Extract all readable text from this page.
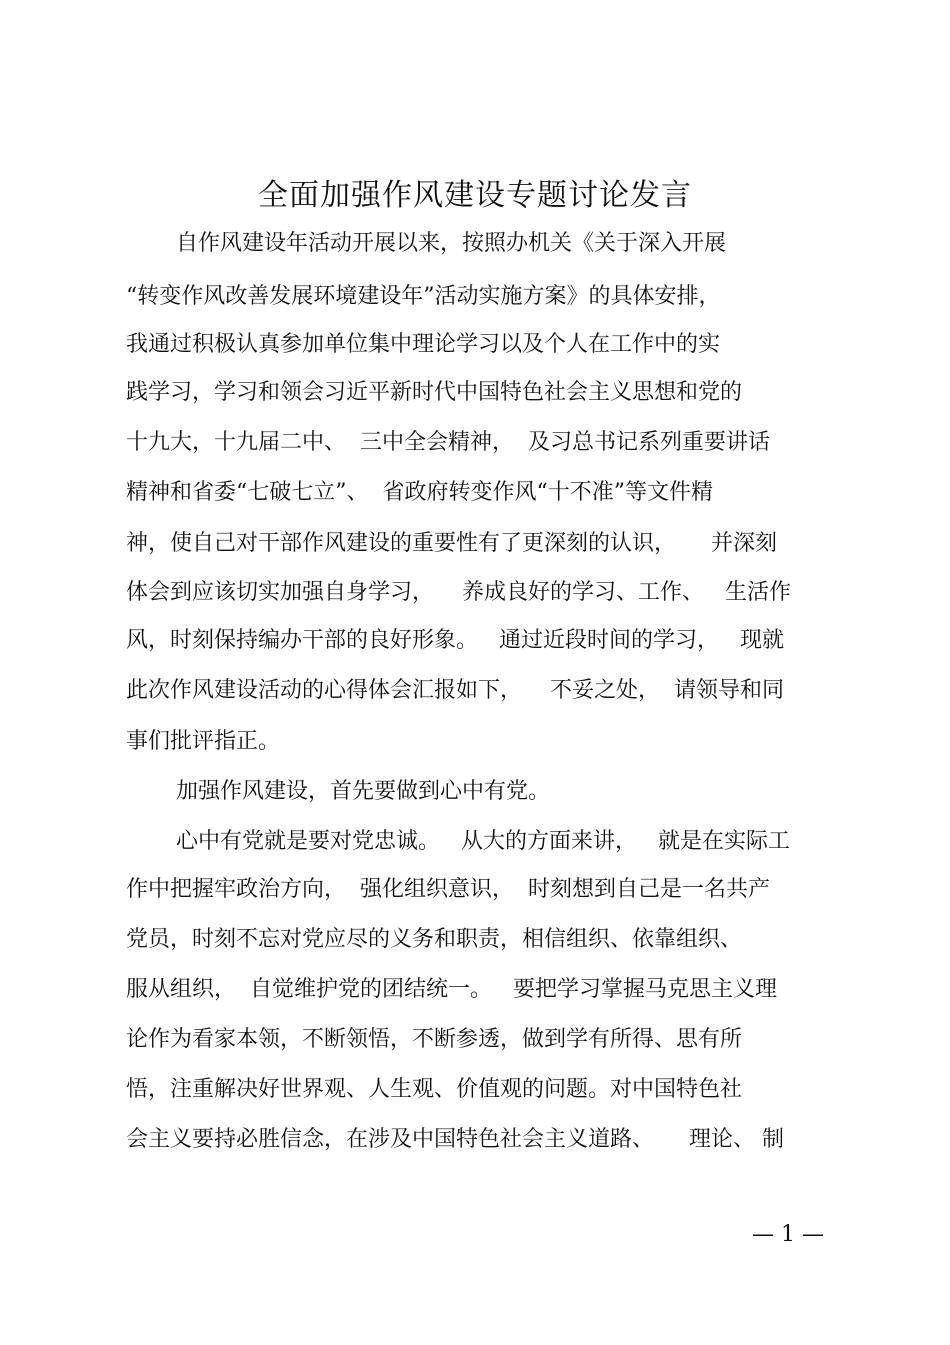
全面加强作风建设专题讨论发言
自作风建设年活动开展以来，按照办机关《关于深入开展
“转变作风改善发展环境建设年”活动实施方案》的具体安排，
我通过积极认真参加单位集中理论学习以及个人在工作中的实
践学习，学习和领会习近平新时代中国特色社会主义思想和党的
十九大，十九届二中、  三中全会精神，  及习总书记系列重要讲话
精神和省委“七破七立”、  省政府转变作风“十不准”等文件精
神，使自己对干部作风建设的重要性有了更深刻的认识，     并深刻
体会到应该切实加强自身学习，    养成良好的学习、工作、   生活作
风，时刻保持编办干部的良好形象。   通过近段时间的学习，   现就
此次作风建设活动的心得体会汇报如下，    不妥之处，  请领导和同
事们批评指正。
加强作风建设，首先要做到心中有党。
心中有党就是要对党忠诚。   从大的方面来讲，   就是在实际工
作中把握牢政治方向，  强化组织意识，  时刻想到自己是一名共产
党员，时刻不忘对党应尽的义务和职责，相信组织、依靠组织、
服从组织，  自觉维护党的团结统一。   要把学习掌握马克思主义理
论作为看家本领，不断领悟，不断参透，做到学有所得、思有所
悟，注重解决好世界观、人生观、价值观的问题。对中国特色社
会主义要持必胜信念，在涉及中国特色社会主义道路、     理论、 制
— 1 —
